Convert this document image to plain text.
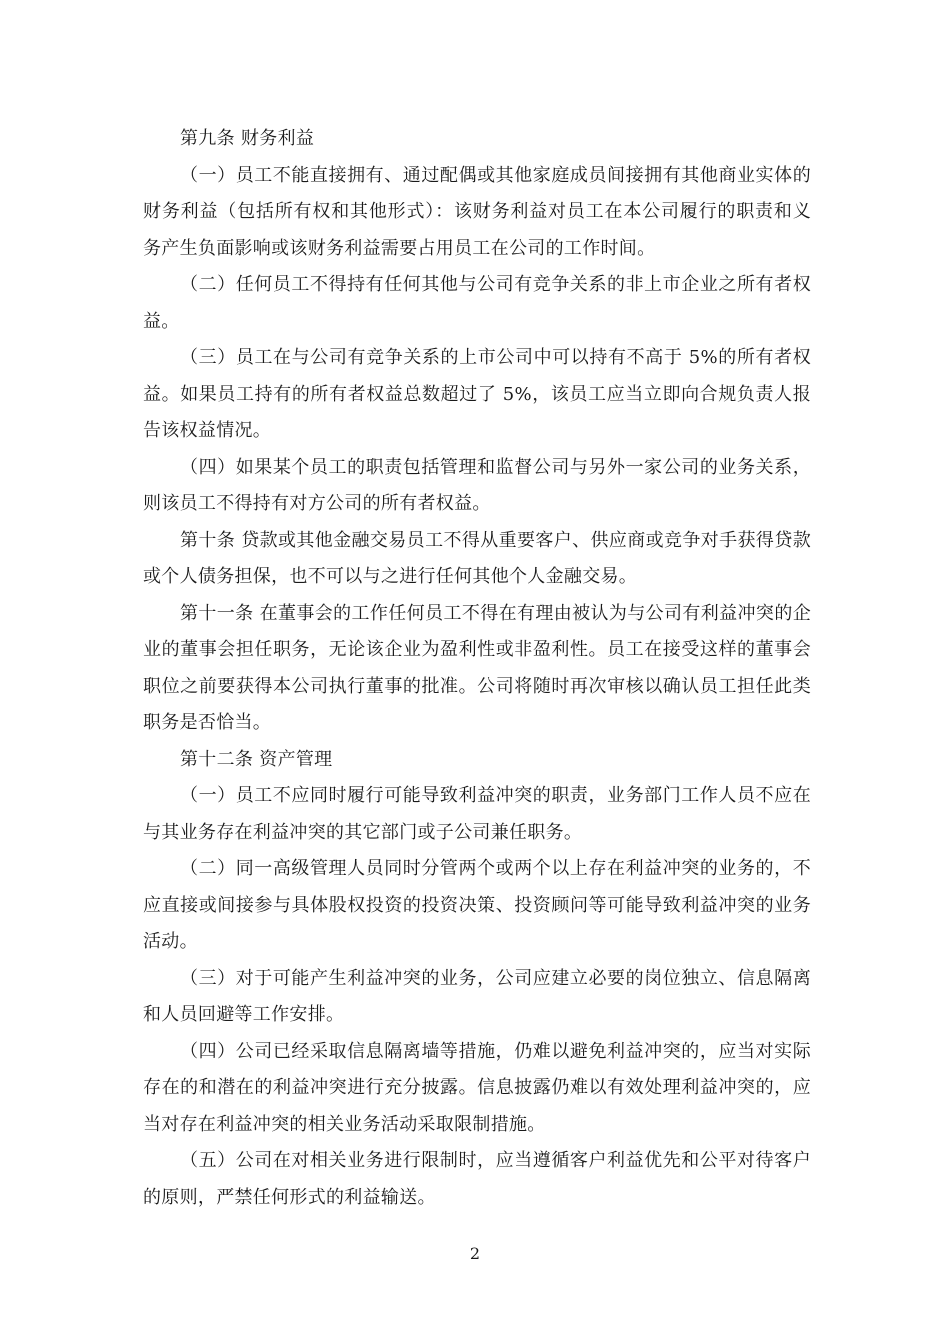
第九条 财务利益

（一）员工不能直接拥有、通过配偶或其他家庭成员间接拥有其他商业实体的财务利益（包括所有权和其他形式）：该财务利益对员工在本公司履行的职责和义务产生负面影响或该财务利益需要占用员工在公司的工作时间。

（二）任何员工不得持有任何其他与公司有竞争关系的非上市企业之所有者权益。

（三）员工在与公司有竞争关系的上市公司中可以持有不高于 5%的所有者权益。如果员工持有的所有者权益总数超过了 5%，该员工应当立即向合规负责人报告该权益情况。

（四）如果某个员工的职责包括管理和监督公司与另外一家公司的业务关系，则该员工不得持有对方公司的所有者权益。

第十条 贷款或其他金融交易员工不得从重要客户、供应商或竞争对手获得贷款或个人债务担保，也不可以与之进行任何其他个人金融交易。

第十一条 在董事会的工作任何员工不得在有理由被认为与公司有利益冲突的企业的董事会担任职务，无论该企业为盈利性或非盈利性。员工在接受这样的董事会职位之前要获得本公司执行董事的批准。公司将随时再次审核以确认员工担任此类职务是否恰当。

第十二条 资产管理

（一）员工不应同时履行可能导致利益冲突的职责，业务部门工作人员不应在与其业务存在利益冲突的其它部门或子公司兼任职务。

（二）同一高级管理人员同时分管两个或两个以上存在利益冲突的业务的，不应直接或间接参与具体股权投资的投资决策、投资顾问等可能导致利益冲突的业务活动。

（三）对于可能产生利益冲突的业务，公司应建立必要的岗位独立、信息隔离和人员回避等工作安排。

（四）公司已经采取信息隔离墙等措施，仍难以避免利益冲突的，应当对实际存在的和潜在的利益冲突进行充分披露。信息披露仍难以有效处理利益冲突的，应当对存在利益冲突的相关业务活动采取限制措施。

（五）公司在对相关业务进行限制时，应当遵循客户利益优先和公平对待客户的原则，严禁任何形式的利益输送。

2
